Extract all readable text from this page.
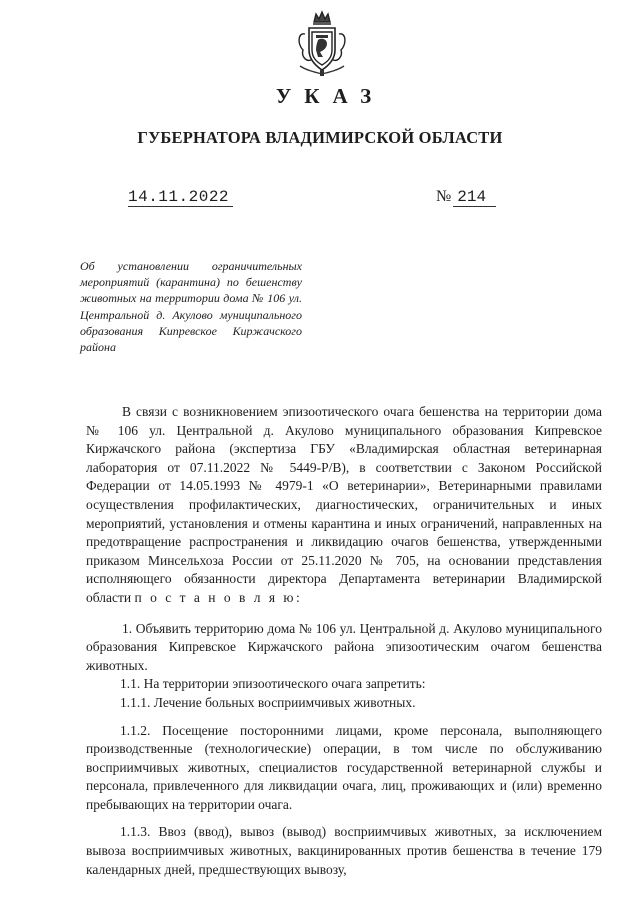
УКАЗ
ГУБЕРНАТОРА ВЛАДИМИРСКОЙ ОБЛАСТИ
14.11.2022	№ 214

Об установлении ограничительных мероприятий (карантина) по бешенству животных на территории дома № 106 ул. Центральной д. Акулово муниципального образования Кипревское Киржачского района

В связи с возникновением эпизоотического очага бешенства на территории дома № 106 ул. Центральной д. Акулово муниципального образования Кипревское Киржачского района (экспертиза ГБУ «Владимирская областная ветеринарная лаборатория от 07.11.2022 № 5449-Р/В), в соответствии с Законом Российской Федерации от 14.05.1993 № 4979-1 «О ветеринарии», Ветеринарными правилами осуществления профилактических, диагностических, ограничительных и иных мероприятий, установления и отмены карантина и иных ограничений, направленных на предотвращение распространения и ликвидацию очагов бешенства, утвержденными приказом Минсельхоза России от 25.11.2020 № 705, на основании представления исполняющего обязанности директора Департамента ветеринарии Владимирской области п о с т а н о в л я ю:

1. Объявить территорию дома № 106 ул. Центральной д. Акулово муниципального образования Кипревское Киржачского района эпизоотическим очагом бешенства животных.

1.1. На территории эпизоотического очага запретить:

1.1.1. Лечение больных восприимчивых животных.

1.1.2. Посещение посторонними лицами, кроме персонала, выполняющего производственные (технологические) операции, в том числе по обслуживанию восприимчивых животных, специалистов государственной ветеринарной службы и персонала, привлеченного для ликвидации очага, лиц, проживающих и (или) временно пребывающих на территории очага.

1.1.3. Ввоз (ввод), вывоз (вывод) восприимчивых животных, за исключением вывоза восприимчивых животных, вакцинированных против бешенства в течение 179 календарных дней, предшествующих вывозу,
